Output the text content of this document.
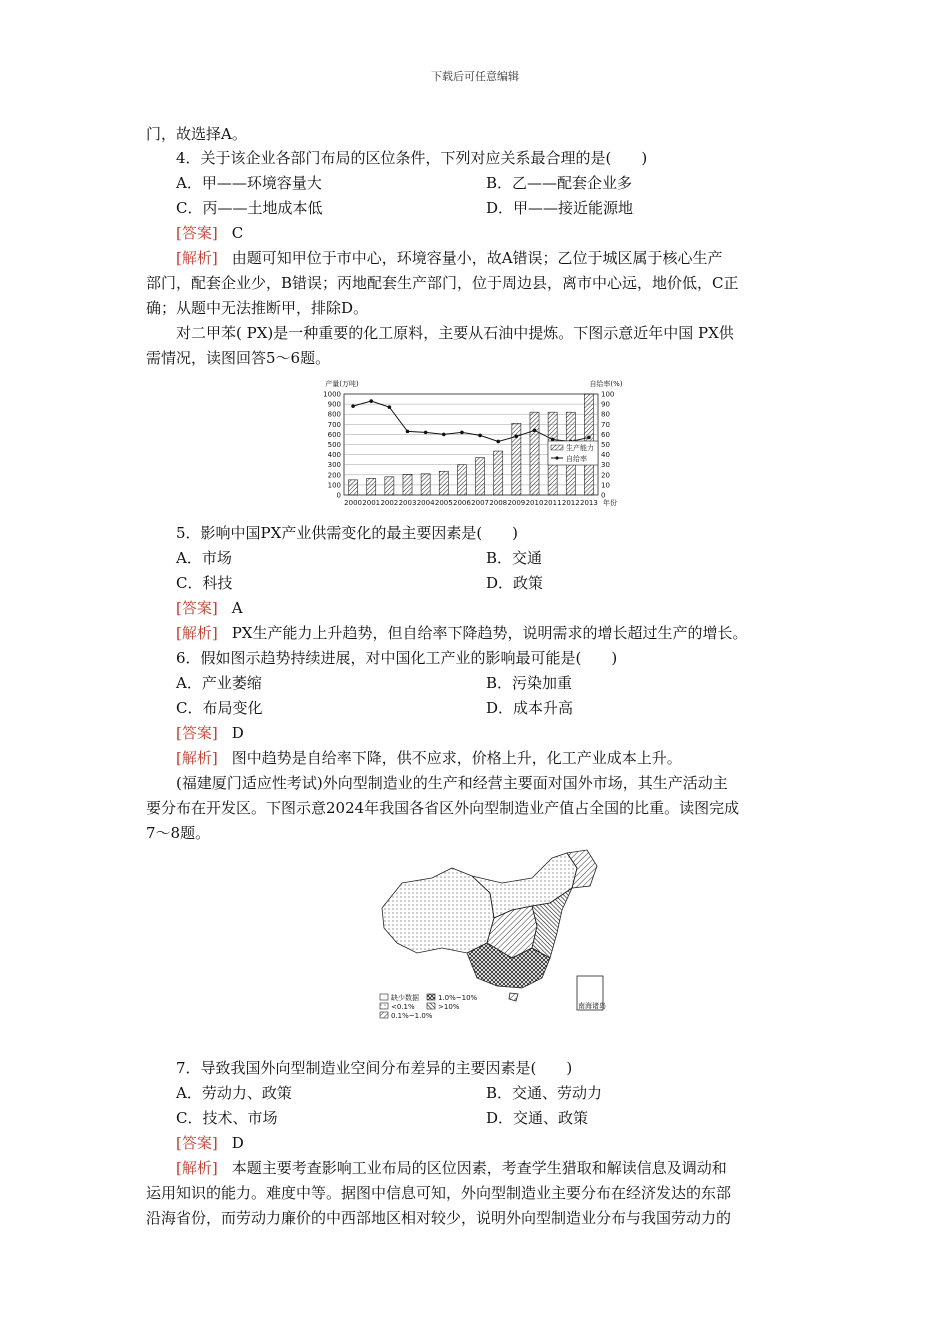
下载后可任意编辑
门，故选择A。
4．关于该企业各部门布局的区位条件，下列对应关系最合理的是(　　)
A．甲——环境容量大	B．乙——配套企业多
C．丙——土地成本低	D．甲——接近能源地
[答案] C
[解析] 由题可知甲位于市中心，环境容量小，故A错误；乙位于城区属于核心生产
部门，配套企业少，B错误；丙地配套生产部门，位于周边县，离市中心远，地价低，C正
确；从题中无法推断甲，排除D。
对二甲苯( PX)是一种重要的化工原料，主要从石油中提炼。下图示意近年中国 PX供
需情况，读图回答5～6题。
0
100
200
300
400
500
600
700
800
900
1000
0
10
20
30
40
50
60
70
80
90
100
产量(万吨)	自给率(%)
2000 2001 2002 2003 2004 2005 2006 2007 2008 2009 2010 2011 2012 2013 年份
生产能力
自给率
5．影响中国PX产业供需变化的最主要因素是(　　)
A．市场	B．交通
C．科技	D．政策
[答案] A
[解析] PX生产能力上升趋势，但自给率下降趋势，说明需求的增长超过生产的增长。
6．假如图示趋势持续进展，对中国化工产业的影响最可能是(　　)
A．产业萎缩	B．污染加重
C．布局变化	D．成本升高
[答案] D
[解析] 图中趋势是自给率下降，供不应求，价格上升，化工产业成本上升。
(福建厦门适应性考试)外向型制造业的生产和经营主要面对国外市场，其生产活动主
要分布在开发区。下图示意2024年我国各省区外向型制造业产值占全国的比重。读图完成
7～8题。
南海诸岛
缺少数据
<0.1%
0.1%~1.0%
1.0%~10%
>10%
7．导致我国外向型制造业空间分布差异的主要因素是(　　)
A．劳动力、政策	B．交通、劳动力
C．技术、市场	D．交通、政策
[答案] D
[解析] 本题主要考查影响工业布局的区位因素，考查学生猎取和解读信息及调动和
运用知识的能力。难度中等。据图中信息可知，外向型制造业主要分布在经济发达的东部
沿海省份，而劳动力廉价的中西部地区相对较少，说明外向型制造业分布与我国劳动力的
